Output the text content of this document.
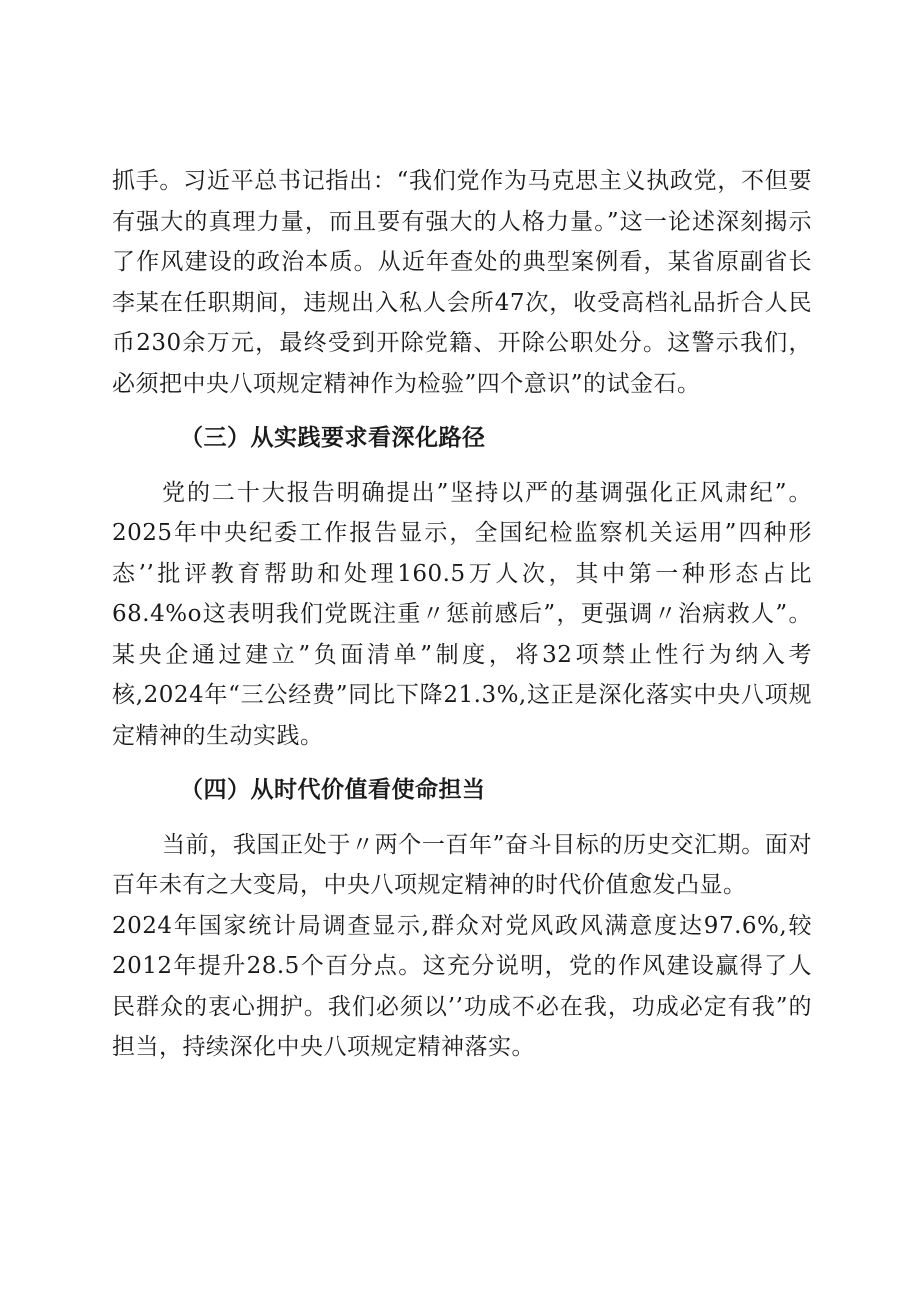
抓手。习近平总书记指出：“我们党作为马克思主义执政党，不但要有强大的真理力量，而且要有强大的人格力量。”这一论述深刻揭示了作风建设的政治本质。从近年查处的典型案例看，某省原副省长李某在任职期间，违规出入私人会所47次，收受高档礼品折合人民币230余万元，最终受到开除党籍、开除公职处分。这警示我们，必须把中央八项规定精神作为检验”四个意识”的试金石。

（三）从实践要求看深化路径

党的二十大报告明确提出”坚持以严的基调强化正风肃纪”。2025年中央纪委工作报告显示，全国纪检监察机关运用”四种形态’’批评教育帮助和处理160.5万人次，其中第一种形态占比68.4%o这表明我们党既注重〃惩前感后”，更强调〃治病救人”。某央企通过建立”负面清单”制度，将32项禁止性行为纳入考核,2024年“三公经费”同比下降21.3%,这正是深化落实中央八项规定精神的生动实践。

（四）从时代价值看使命担当

当前，我国正处于〃两个一百年”奋斗目标的历史交汇期。面对百年未有之大变局，中央八项规定精神的时代价值愈发凸显。

2024年国家统计局调查显示,群众对党风政风满意度达97.6%,较2012年提升28.5个百分点。这充分说明，党的作风建设赢得了人民群众的衷心拥护。我们必须以’’功成不必在我，功成必定有我”的担当，持续深化中央八项规定精神落实。
